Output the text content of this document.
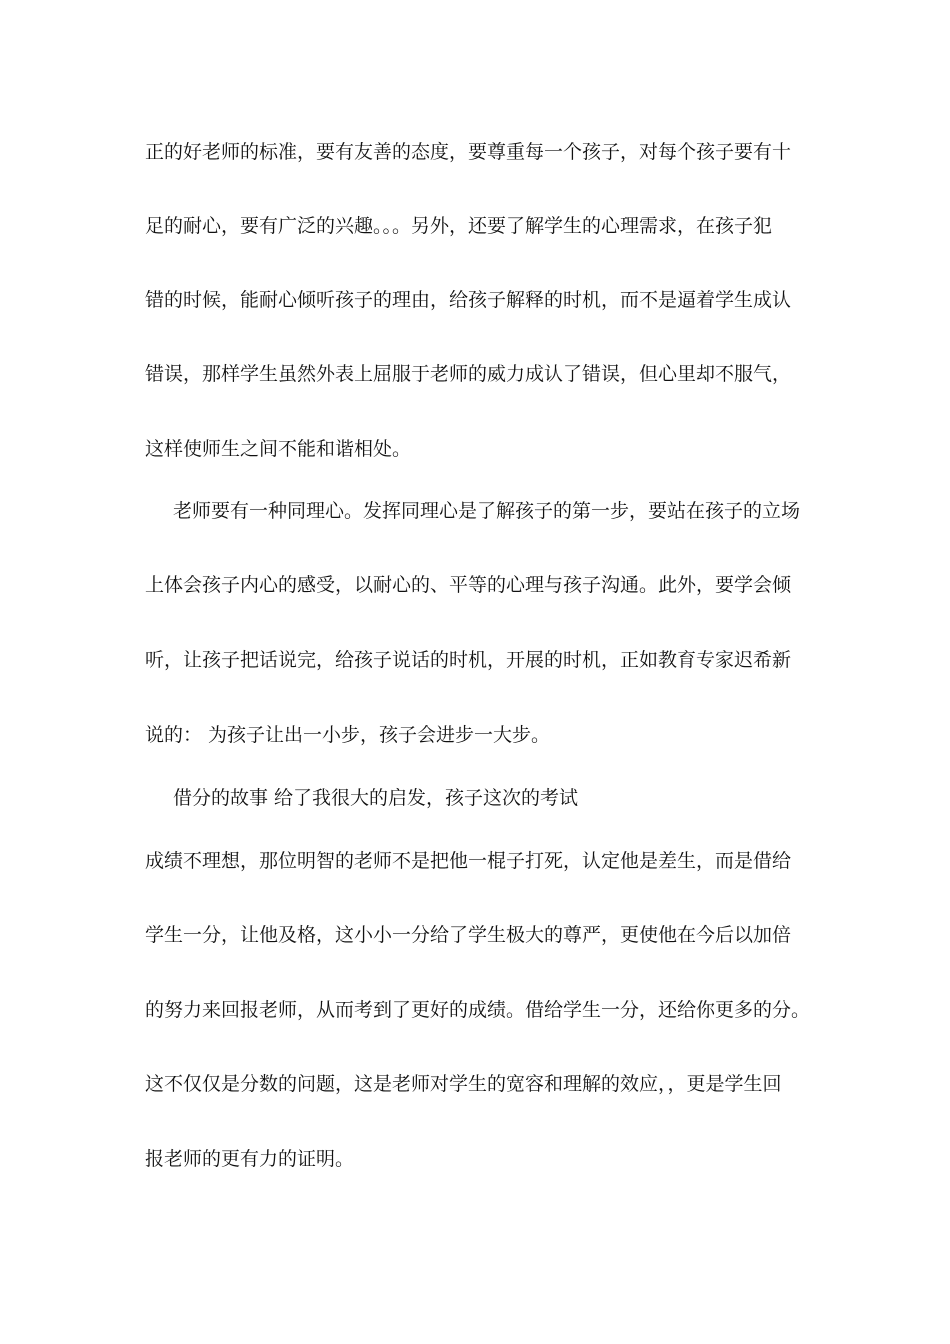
正的好老师的标准，要有友善的态度，要尊重每一个孩子，对每个孩子要有十
足的耐心，要有广泛的兴趣。。。另外，还要了解学生的心理需求，在孩子犯
错的时候，能耐心倾听孩子的理由，给孩子解释的时机，而不是逼着学生成认
错误，那样学生虽然外表上屈服于老师的威力成认了错误，但心里却不服气，
这样使师生之间不能和谐相处。
老师要有一种同理心。发挥同理心是了解孩子的第一步，要站在孩子的立场
上体会孩子内心的感受，以耐心的、平等的心理与孩子沟通。此外，要学会倾
听，让孩子把话说完，给孩子说话的时机，开展的时机，正如教育专家迟希新
说的： 为孩子让出一小步，孩子会进步一大步。
借分的故事 给了我很大的启发，孩子这次的考试
成绩不理想，那位明智的老师不是把他一棍子打死，认定他是差生，而是借给
学生一分，让他及格，这小小一分给了学生极大的尊严，更使他在今后以加倍
的努力来回报老师，从而考到了更好的成绩。借给学生一分，还给你更多的分。
这不仅仅是分数的问题，这是老师对学生的宽容和理解的效应，，更是学生回
报老师的更有力的证明。
